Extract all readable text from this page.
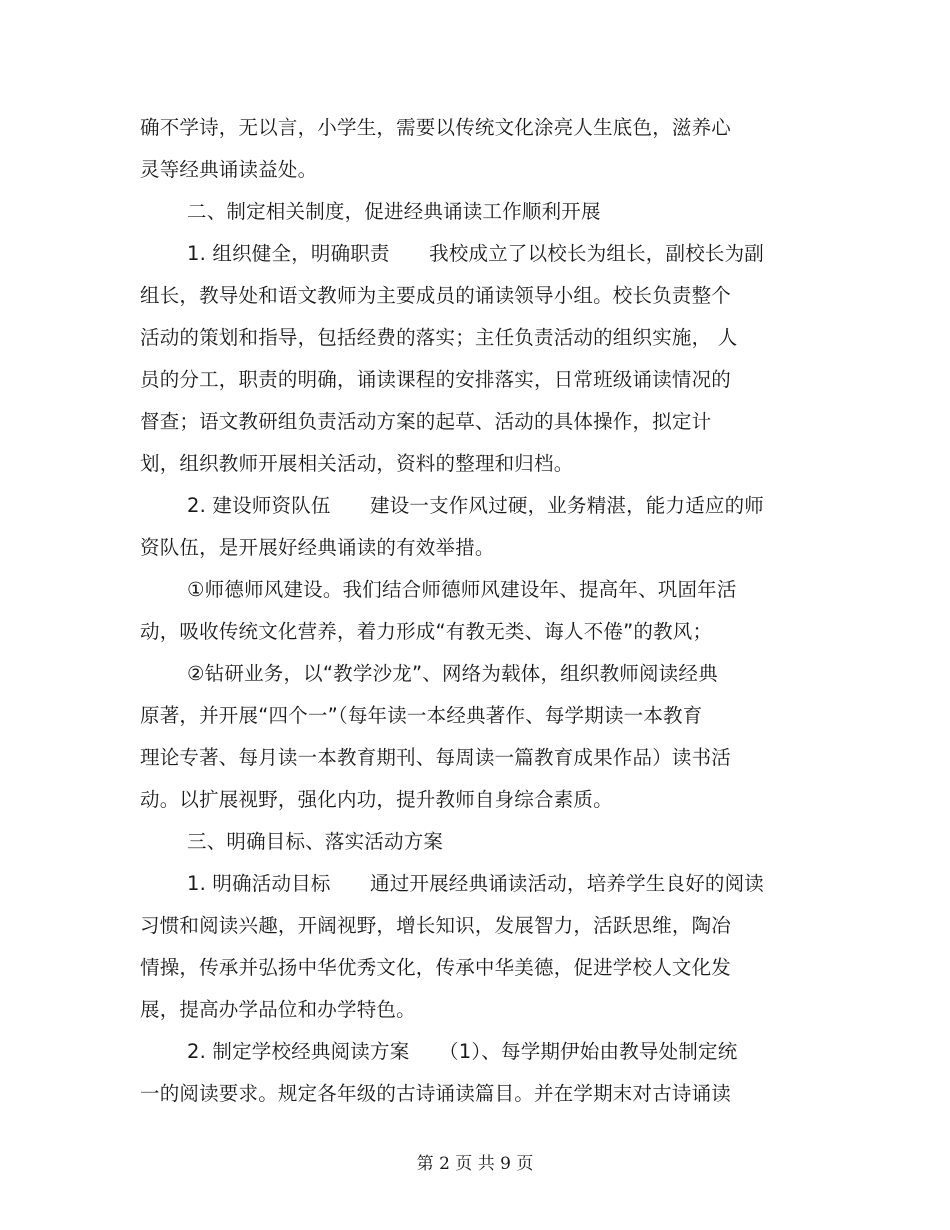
确不学诗，无以言，小学生，需要以传统文化涂亮人生底色，滋养心
灵等经典诵读益处。
二、制定相关制度，促进经典诵读工作顺利开展
1. 组织健全，明确职责　　我校成立了以校长为组长，副校长为副
组长，教导处和语文教师为主要成员的诵读领导小组。校长负责整个
活动的策划和指导，包括经费的落实；主任负责活动的组织实施， 人
员的分工，职责的明确，诵读课程的安排落实，日常班级诵读情况的
督查；语文教研组负责活动方案的起草、活动的具体操作，拟定计
划，组织教师开展相关活动，资料的整理和归档。
2. 建设师资队伍　　建设一支作风过硬，业务精湛，能力适应的师
资队伍，是开展好经典诵读的有效举措。
①师德师风建设。我们结合师德师风建设年、提高年、巩固年活
动，吸收传统文化营养，着力形成“有教无类、诲人不倦”的教风；
②钻研业务，以“教学沙龙”、网络为载体，组织教师阅读经典
原著，并开展“四个一”（每年读一本经典著作、每学期读一本教育
理论专著、每月读一本教育期刊、每周读一篇教育成果作品）读书活
动。以扩展视野，强化内功，提升教师自身综合素质。
三、明确目标、落实活动方案
1. 明确活动目标　　通过开展经典诵读活动，培养学生良好的阅读
习惯和阅读兴趣，开阔视野，增长知识，发展智力，活跃思维，陶冶
情操，传承并弘扬中华优秀文化，传承中华美德，促进学校人文化发
展，提高办学品位和办学特色。
2. 制定学校经典阅读方案　　（1）、每学期伊始由教导处制定统
一的阅读要求。规定各年级的古诗诵读篇目。并在学期末对古诗诵读
第 2 页 共 9 页
